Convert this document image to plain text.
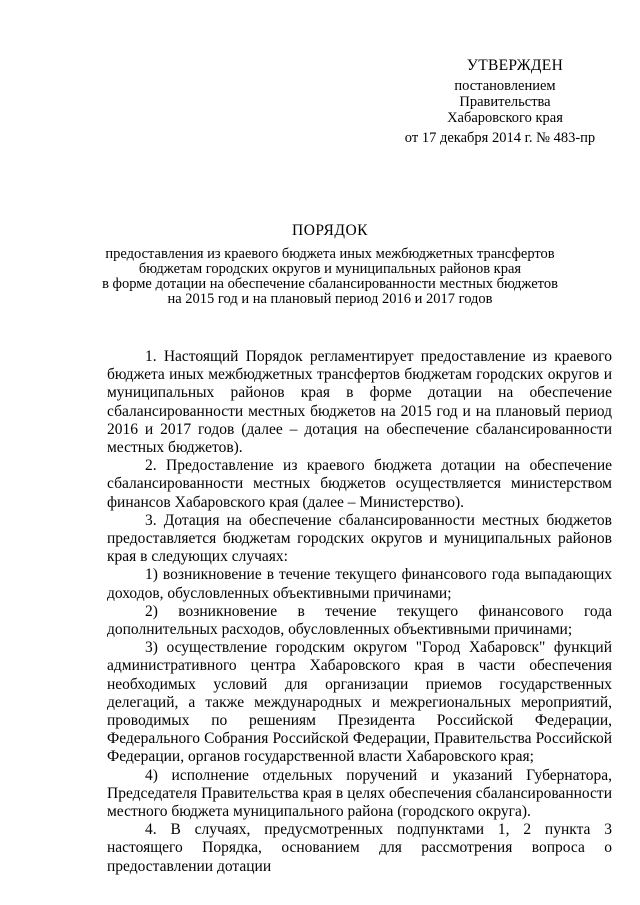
УТВЕРЖДЕН
постановлением
Правительства
Хабаровского края
от 17 декабря 2014 г. № 483-пр
ПОРЯДОК
предоставления из краевого бюджета иных межбюджетных трансфертов
бюджетам городских округов и муниципальных районов края
в форме дотации на обеспечение сбалансированности местных бюджетов
на 2015 год и на плановый период 2016 и 2017 годов

1. Настоящий Порядок регламентирует предоставление из краевого бюджета иных межбюджетных трансфертов бюджетам городских округов и муниципальных районов края в форме дотации на обеспечение сбалансированности местных бюджетов на 2015 год и на плановый период 2016 и 2017 годов (далее – дотация на обеспечение сбалансированности местных бюджетов).

2. Предоставление из краевого бюджета дотации на обеспечение сбалансированности местных бюджетов осуществляется министерством финансов Хабаровского края (далее – Министерство).

3. Дотация на обеспечение сбалансированности местных бюджетов предоставляется бюджетам городских округов и муниципальных районов края в следующих случаях:

1) возникновение в течение текущего финансового года выпадающих доходов, обусловленных объективными причинами;

2) возникновение в течение текущего финансового года дополнительных расходов, обусловленных объективными причинами;

3) осуществление городским округом "Город Хабаровск" функций административного центра Хабаровского края в части обеспечения необходимых условий для организации приемов государственных делегаций, а также международных и межрегиональных мероприятий, проводимых по решениям Президента Российской Федерации, Федерального Собрания Российской Федерации, Правительства Российской Федерации, органов государственной власти Хабаровского края;

4) исполнение отдельных поручений и указаний Губернатора, Председателя Правительства края в целях обеспечения сбалансированности местного бюджета муниципального района (городского округа).

4. В случаях, предусмотренных подпунктами 1, 2 пункта 3 настоящего Порядка, основанием для рассмотрения вопроса о предоставлении дотации
